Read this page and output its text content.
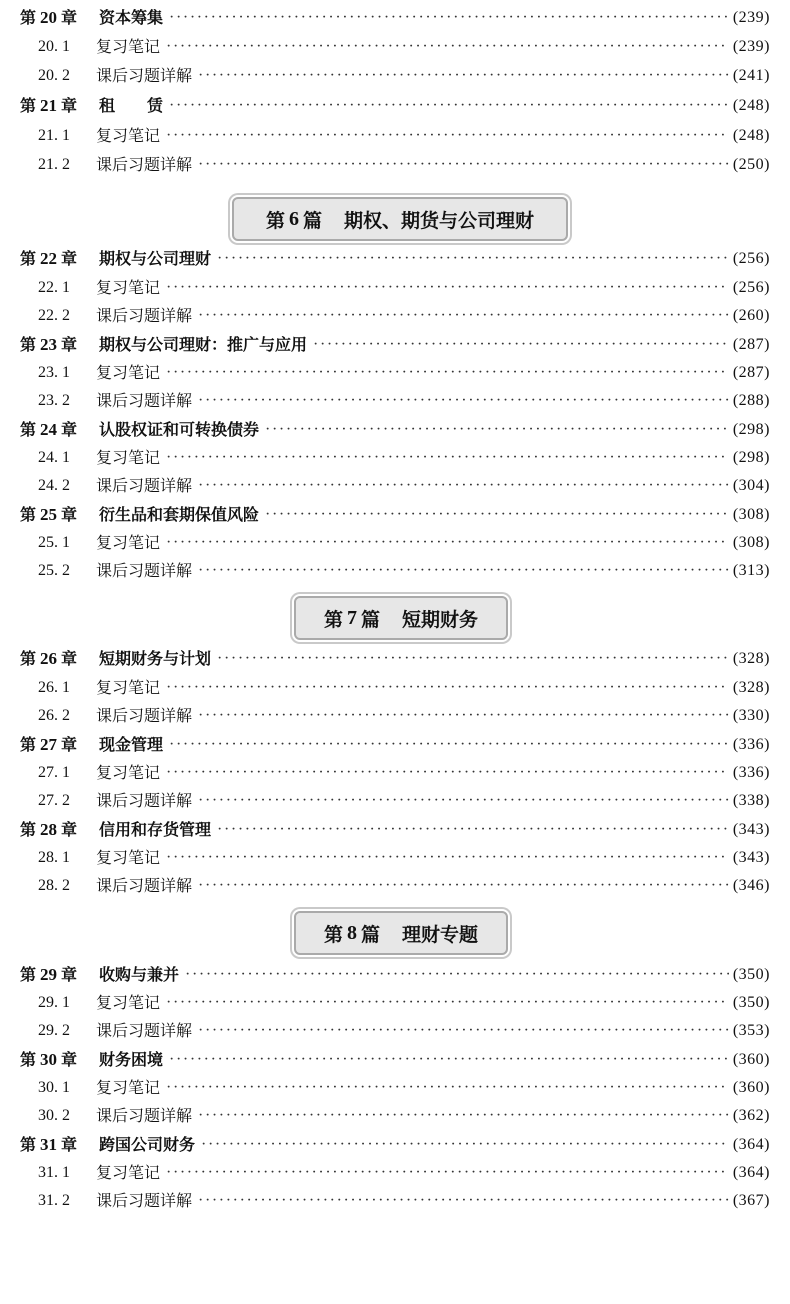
第 20 章 资本筹集 ·····	(239)
20. 1	复习笔记 ·····	(239)
20. 2	课后习题详解 ·····	(241)
第 21 章 租　　赁 ·····	(248)
21. 1	复习笔记 ·····	(248)
21. 2	课后习题详解 ·····	(250)
第 6 篇 期权、期货与公司理财
第 22 章 期权与公司理财 ·····	(256)
22. 1	复习笔记 ·····	(256)
22. 2	课后习题详解 ·····	(260)
第 23 章 期权与公司理财：推广与应用 ·····	(287)
23. 1	复习笔记 ·····	(287)
23. 2	课后习题详解 ·····	(288)
第 24 章 认股权证和可转换债券 ·····	(298)
24. 1	复习笔记 ·····	(298)
24. 2	课后习题详解 ·····	(304)
第 25 章 衍生品和套期保值风险 ·····	(308)
25. 1	复习笔记 ·····	(308)
25. 2	课后习题详解 ·····	(313)
第 7 篇 短期财务
第 26 章 短期财务与计划 ·····	(328)
26. 1	复习笔记 ·····	(328)
26. 2	课后习题详解 ·····	(330)
第 27 章 现金管理 ·····	(336)
27. 1	复习笔记 ·····	(336)
27. 2	课后习题详解 ·····	(338)
第 28 章 信用和存货管理 ·····	(343)
28. 1	复习笔记 ·····	(343)
28. 2	课后习题详解 ·····	(346)
第 8 篇 理财专题
第 29 章 收购与兼并 ·····	(350)
29. 1	复习笔记 ·····	(350)
29. 2	课后习题详解 ·····	(353)
第 30 章 财务困境 ·····	(360)
30. 1	复习笔记 ·····	(360)
30. 2	课后习题详解 ·····	(362)
第 31 章 跨国公司财务 ·····	(364)
31. 1	复习笔记 ·····	(364)
31. 2	课后习题详解 ·····	(367)
